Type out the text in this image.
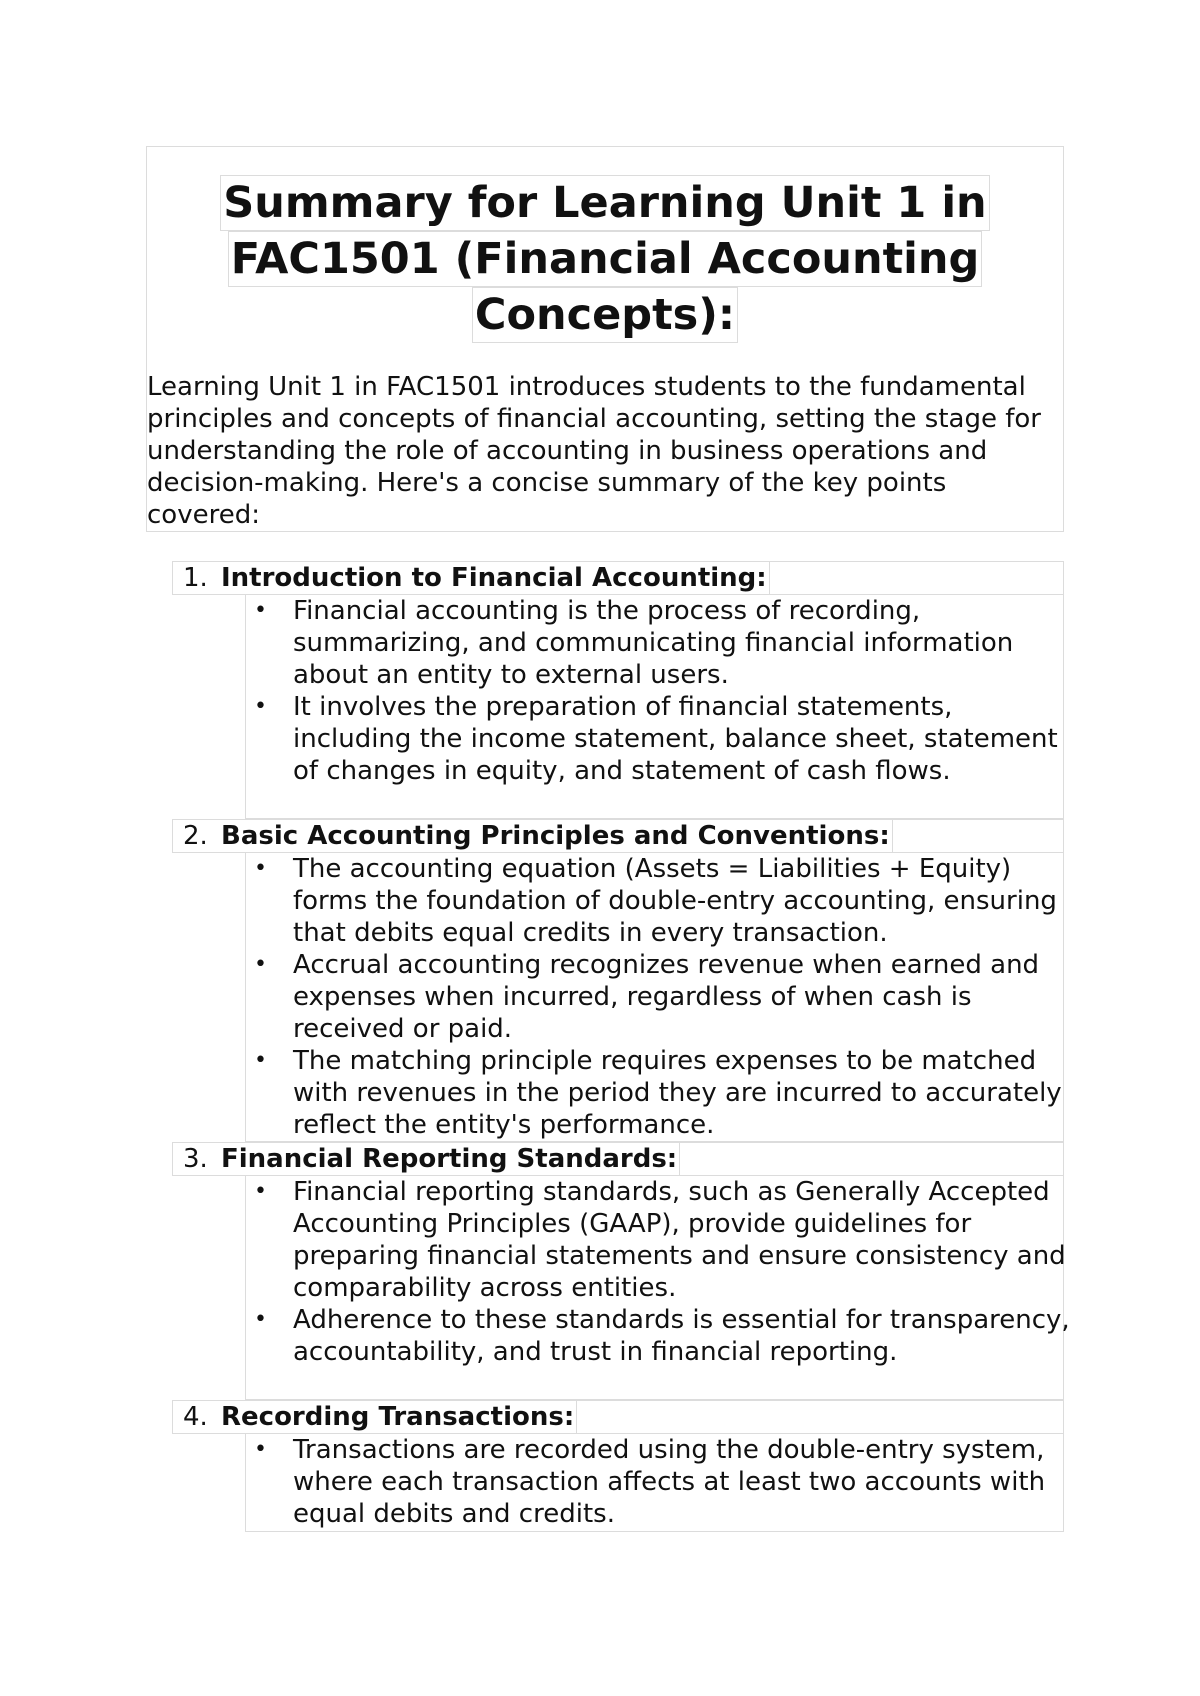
Summary for Learning Unit 1 in
FAC1501 (Financial Accounting
Concepts):
Learning Unit 1 in FAC1501 introduces students to the fundamental principles and concepts of financial accounting, setting the stage for understanding the role of accounting in business operations and decision-making. Here's a concise summary of the key points covered:
1. Introduction to Financial Accounting:
• Financial accounting is the process of recording, summarizing, and communicating financial information about an entity to external users.
• It involves the preparation of financial statements, including the income statement, balance sheet, statement of changes in equity, and statement of cash flows.
2. Basic Accounting Principles and Conventions:
• The accounting equation (Assets = Liabilities + Equity) forms the foundation of double-entry accounting, ensuring that debits equal credits in every transaction.
• Accrual accounting recognizes revenue when earned and expenses when incurred, regardless of when cash is received or paid.
• The matching principle requires expenses to be matched with revenues in the period they are incurred to accurately reflect the entity's performance.
3. Financial Reporting Standards:
• Financial reporting standards, such as Generally Accepted Accounting Principles (GAAP), provide guidelines for preparing financial statements and ensure consistency and comparability across entities.
• Adherence to these standards is essential for transparency, accountability, and trust in financial reporting.
4. Recording Transactions:
• Transactions are recorded using the double-entry system, where each transaction affects at least two accounts with equal debits and credits.
